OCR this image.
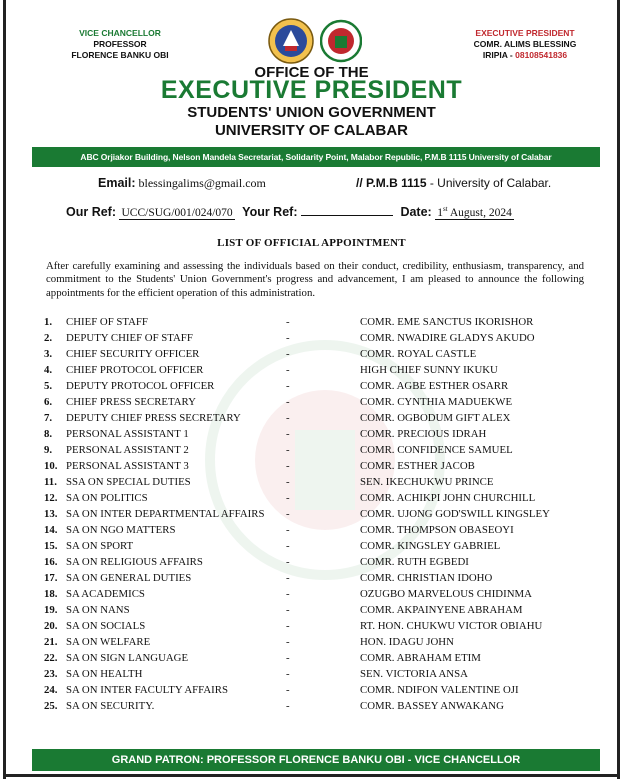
VICE CHANCELLOR
PROFESSOR
FLORENCE BANKU OBI
EXECUTIVE PRESIDENT
COMR. ALIMS BLESSING
IRIPIA - 08108541836
OFFICE OF THE
EXECUTIVE PRESIDENT
STUDENTS' UNION GOVERNMENT
UNIVERSITY OF CALABAR
ABC Orjiakor Building, Nelson Mandela Secretariat, Solidarity Point, Malabor Republic, P.M.B 1115 University of Calabar
Email: blessingalims@gmail.com	// P.M.B 1115 - University of Calabar.
Our Ref: UCC/SUG/001/024/070 Your Ref:	Date: 1st August, 2024
LIST OF OFFICIAL APPOINTMENT
After carefully examining and assessing the individuals based on their conduct, credibility, enthusiasm, transparency, and commitment to the Students' Union Government's progress and advancement, I am pleased to announce the following appointments for the efficient operation of this administration.
1. CHIEF OF STAFF	-	COMR. EME SANCTUS IKORISHOR
2. DEPUTY CHIEF OF STAFF	-	COMR. NWADIRE GLADYS AKUDO
3. CHIEF SECURITY OFFICER	-	COMR. ROYAL CASTLE
4. CHIEF PROTOCOL OFFICER	-	HIGH CHIEF SUNNY IKUKU
5. DEPUTY PROTOCOL OFFICER	-	COMR. AGBE ESTHER OSARR
6. CHIEF PRESS SECRETARY	-	COMR. CYNTHIA MADUEKWE
7. DEPUTY CHIEF PRESS SECRETARY	-	COMR. OGBODUM GIFT ALEX
8. PERSONAL ASSISTANT 1	-	COMR. PRECIOUS IDRAH
9. PERSONAL ASSISTANT 2	-	COMR. CONFIDENCE SAMUEL
10. PERSONAL ASSISTANT 3	-	COMR. ESTHER JACOB
11. SSA ON SPECIAL DUTIES	-	SEN. IKECHUKWU PRINCE
12. SA ON POLITICS	-	COMR. ACHIKPI JOHN CHURCHILL
13. SA ON INTER DEPARTMENTAL AFFAIRS -	COMR. UJONG GOD'SWILL KINGSLEY
14. SA ON NGO MATTERS	-	COMR. THOMPSON OBASEOYI
15. SA ON SPORT	-	COMR. KINGSLEY GABRIEL
16. SA ON RELIGIOUS AFFAIRS	-	COMR. RUTH EGBEDI
17. SA ON GENERAL DUTIES	-	COMR. CHRISTIAN IDOHO
18. SA ACADEMICS	-	OZUGBO MARVELOUS CHIDINMA
19. SA ON NANS	-	COMR. AKPAINYENE ABRAHAM
20. SA ON SOCIALS	-	RT. HON. CHUKWU VICTOR OBIAHU
21. SA ON WELFARE	-	HON. IDAGU JOHN
22. SA ON SIGN LANGUAGE	-	COMR. ABRAHAM ETIM
23. SA ON HEALTH	-	SEN. VICTORIA ANSA
24. SA ON INTER FACULTY AFFAIRS	-	COMR. NDIFON VALENTINE OJI
25. SA ON SECURITY.	-	COMR. BASSEY ANWAKANG
GRAND PATRON: PROFESSOR FLORENCE BANKU OBI - VICE CHANCELLOR
